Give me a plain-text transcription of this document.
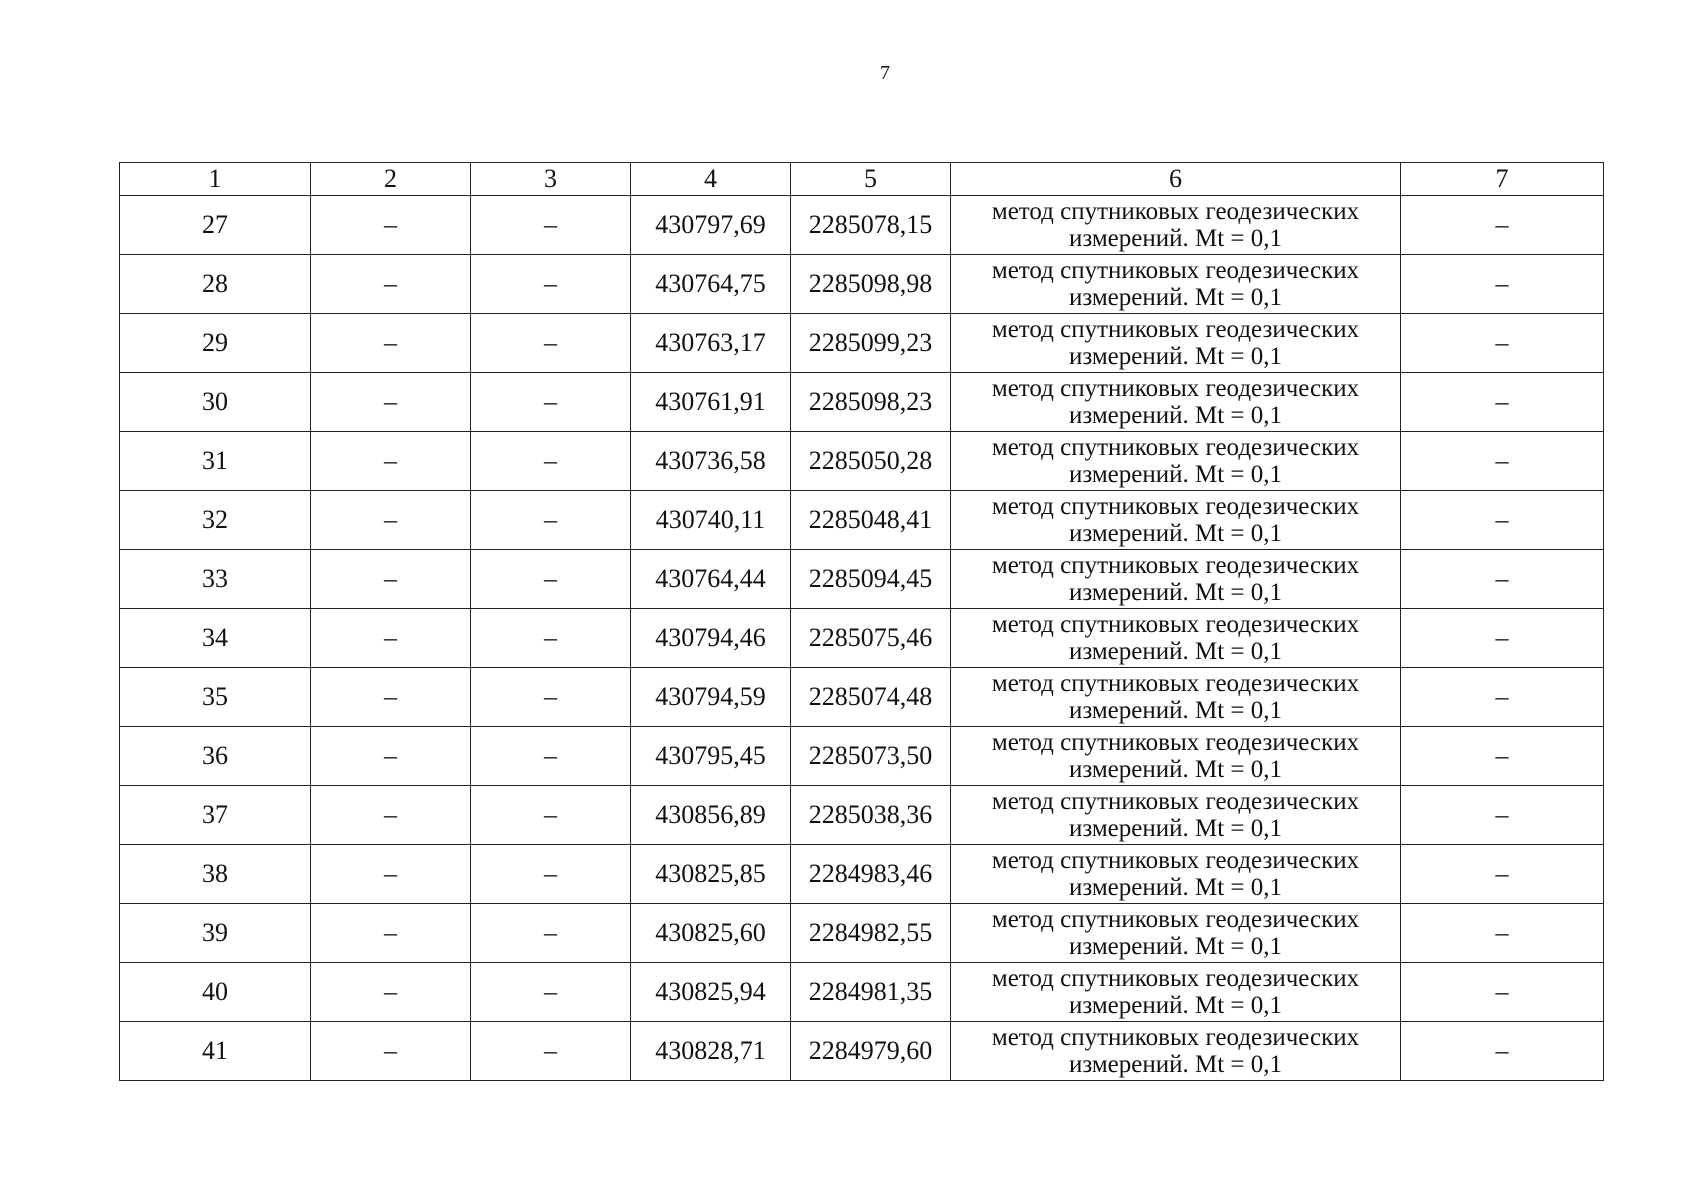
7
1	2	3	4	5	6	7
27	–	–	430797,69	2285078,15	метод спутниковых геодезических
измерений. Mt = 0,1	–
28	–	–	430764,75	2285098,98	метод спутниковых геодезических
измерений. Mt = 0,1	–
29	–	–	430763,17	2285099,23	метод спутниковых геодезических
измерений. Mt = 0,1	–
30	–	–	430761,91	2285098,23	метод спутниковых геодезических
измерений. Mt = 0,1	–
31	–	–	430736,58	2285050,28	метод спутниковых геодезических
измерений. Mt = 0,1	–
32	–	–	430740,11	2285048,41	метод спутниковых геодезических
измерений. Mt = 0,1	–
33	–	–	430764,44	2285094,45	метод спутниковых геодезических
измерений. Mt = 0,1	–
34	–	–	430794,46	2285075,46	метод спутниковых геодезических
измерений. Mt = 0,1	–
35	–	–	430794,59	2285074,48	метод спутниковых геодезических
измерений. Mt = 0,1	–
36	–	–	430795,45	2285073,50	метод спутниковых геодезических
измерений. Mt = 0,1	–
37	–	–	430856,89	2285038,36	метод спутниковых геодезических
измерений. Mt = 0,1	–
38	–	–	430825,85	2284983,46	метод спутниковых геодезических
измерений. Mt = 0,1	–
39	–	–	430825,60	2284982,55	метод спутниковых геодезических
измерений. Mt = 0,1	–
40	–	–	430825,94	2284981,35	метод спутниковых геодезических
измерений. Mt = 0,1	–
41	–	–	430828,71	2284979,60	метод спутниковых геодезических
измерений. Mt = 0,1	–
